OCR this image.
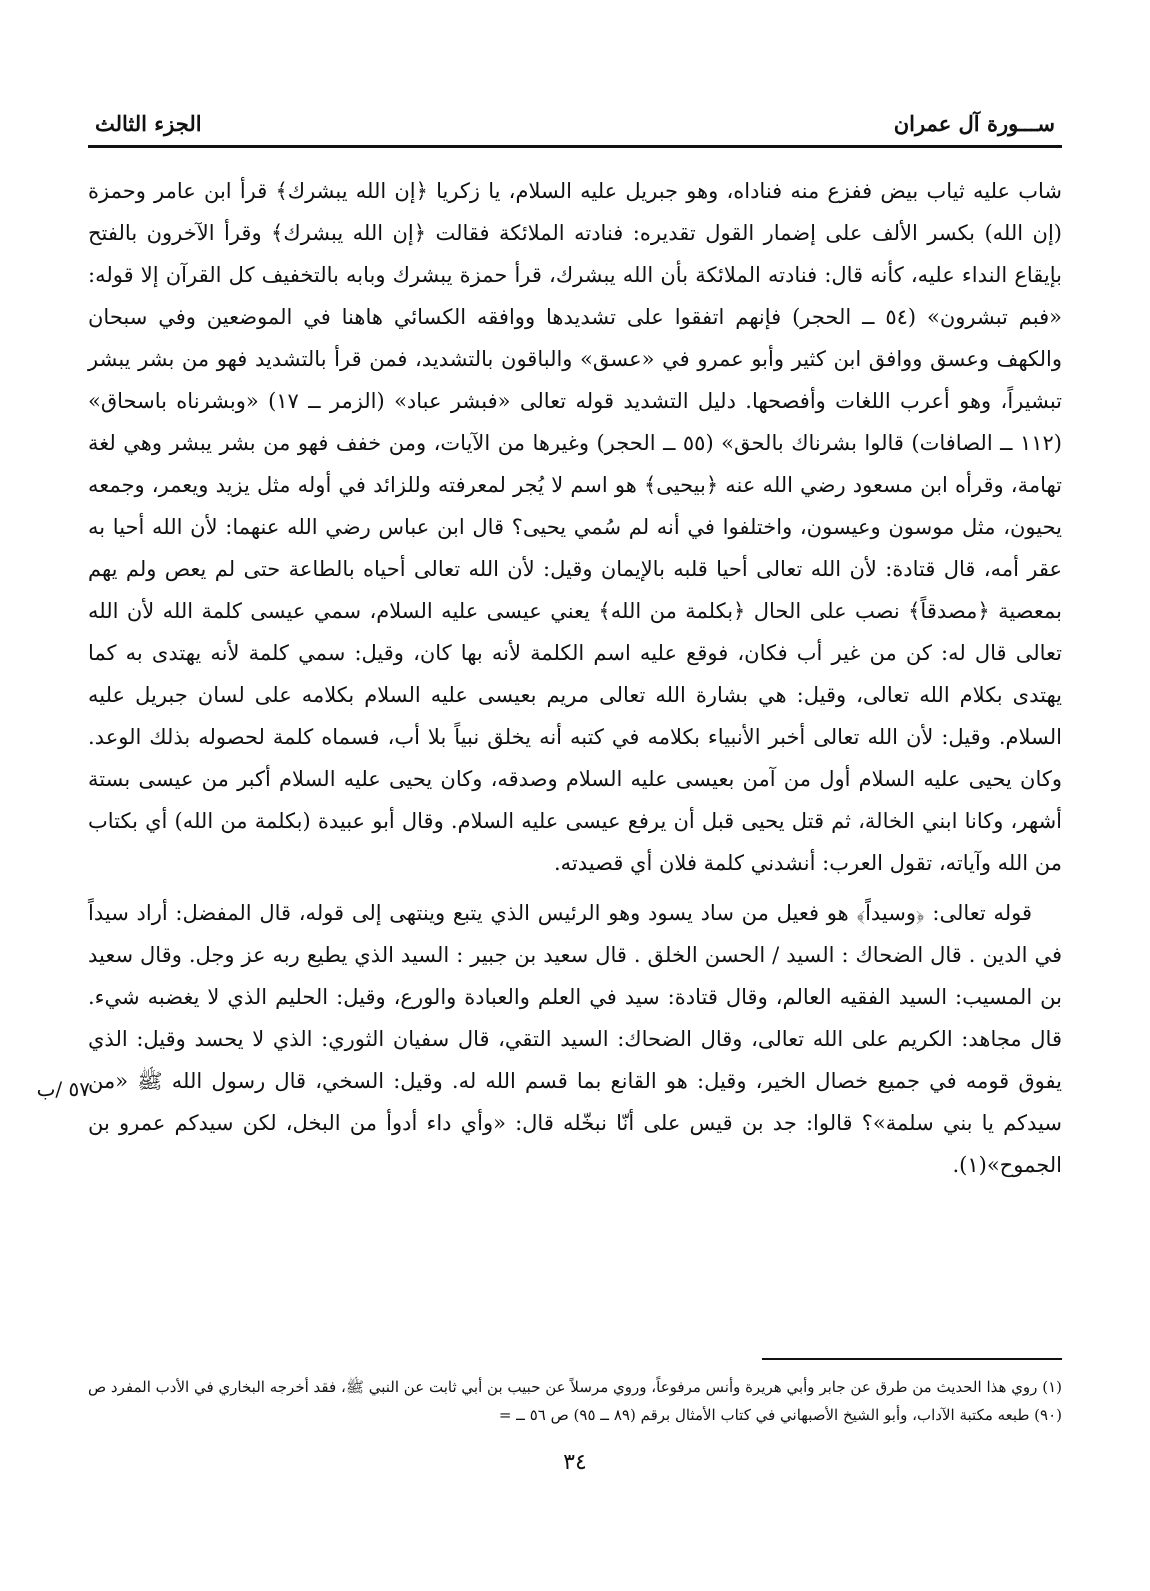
ســـورة آل عمران
الجزء الثالث

شاب عليه ثياب بيض ففزع منه فناداه، وهو جبريل عليه السلام، يا زكريا ﴿إن الله يبشرك﴾ قرأ ابن عامر وحمزة (إن الله) بكسر الألف على إضمار القول تقديره: فنادته الملائكة فقالت ﴿إن الله يبشرك﴾ وقرأ الآخرون بالفتح بإيقاع النداء عليه، كأنه قال: فنادته الملائكة بأن الله يبشرك، قرأ حمزة يبشرك وبابه بالتخفيف كل القرآن إلا قوله: «فبم تبشرون» (٥٤ ــ الحجر) فإنهم اتفقوا على تشديدها ووافقه الكسائي هاهنا في الموضعين وفي سبحان والكهف وعسق ووافق ابن كثير وأبو عمرو في «عسق» والباقون بالتشديد، فمن قرأ بالتشديد فهو من بشر يبشر تبشيراً، وهو أعرب اللغات وأفصحها. دليل التشديد قوله تعالى «فبشر عباد» (الزمر ــ ١٧) «وبشرناه باسحاق» (١١٢ ــ الصافات) قالوا بشرناك بالحق» (٥٥ ــ الحجر) وغيرها من الآيات، ومن خفف فهو من بشر يبشر وهي لغة تهامة، وقرأه ابن مسعود رضي الله عنه ﴿بيحيى﴾ هو اسم لا يُجر لمعرفته وللزائد في أوله مثل يزيد ويعمر، وجمعه يحيون، مثل موسون وعيسون، واختلفوا في أنه لم سُمي يحيى؟ قال ابن عباس رضي الله عنهما: لأن الله أحيا به عقر أمه، قال قتادة: لأن الله تعالى أحيا قلبه بالإيمان وقيل: لأن الله تعالى أحياه بالطاعة حتى لم يعص ولم يهم بمعصية ﴿مصدقاً﴾ نصب على الحال ﴿بكلمة من الله﴾ يعني عيسى عليه السلام، سمي عيسى كلمة الله لأن الله تعالى قال له: كن من غير أب فكان، فوقع عليه اسم الكلمة لأنه بها كان، وقيل: سمي كلمة لأنه يهتدى به كما يهتدى بكلام الله تعالى، وقيل: هي بشارة الله تعالى مريم بعيسى عليه السلام بكلامه على لسان جبريل عليه السلام. وقيل: لأن الله تعالى أخبر الأنبياء بكلامه في كتبه أنه يخلق نبياً بلا أب، فسماه كلمة لحصوله بذلك الوعد. وكان يحيى عليه السلام أول من آمن بعيسى عليه السلام وصدقه، وكان يحيى عليه السلام أكبر من عيسى بستة أشهر، وكانا ابني الخالة، ثم قتل يحيى قبل أن يرفع عيسى عليه السلام. وقال أبو عبيدة (بكلمة من الله) أي بكتاب من الله وآياته، تقول العرب: أنشدني كلمة فلان أي قصيدته.

قوله تعالى: ﴿وسيداً﴾ هو فعيل من ساد يسود وهو الرئيس الذي يتبع وينتهى إلى قوله، قال المفضل: أراد سيداً في الدين . قال الضحاك : السيد / الحسن الخلق . قال سعيد بن جبير : السيد الذي يطيع ربه عز وجل. وقال سعيد بن المسيب: السيد الفقيه العالم، وقال قتادة: سيد في العلم والعبادة والورع، وقيل: الحليم الذي لا يغضبه شيء. قال مجاهد: الكريم على الله تعالى، وقال الضحاك: السيد التقي، قال سفيان الثوري: الذي لا يحسد وقيل: الذي يفوق قومه في جميع خصال الخير، وقيل: هو القانع بما قسم الله له. وقيل: السخي، قال رسول الله ﷺ «من سيدكم يا بني سلمة»؟ قالوا: جد بن قيس على أنّا نبخّله قال: «وأي داء أدوأ من البخل، لكن سيدكم عمرو بن الجموح»(١).

٥٧ /ب

(١) روي هذا الحديث من طرق عن جابر وأبي هريرة وأنس مرفوعاً، وروي مرسلاً عن حبيب بن أبي ثابت عن النبي ﷺ، فقد أخرجه البخاري في الأدب المفرد ص (٩٠) طبعه مكتبة الآداب، وأبو الشيخ الأصبهاني في كتاب الأمثال برقم (٨٩ ــ ٩٥) ص ٥٦ ــ =

٣٤
